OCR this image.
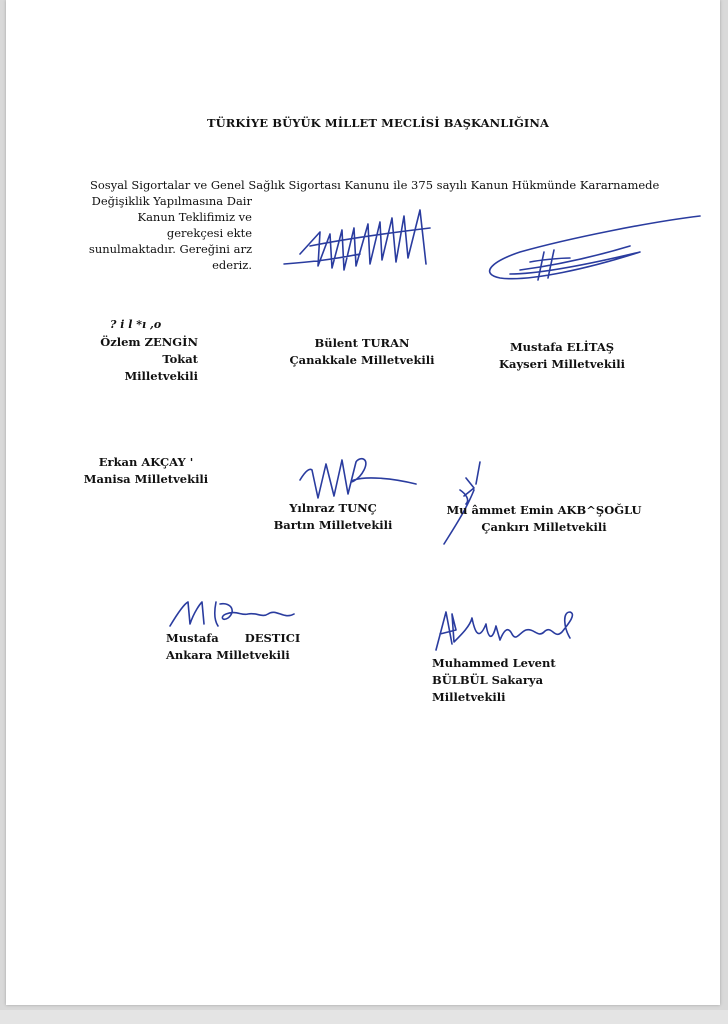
TÜRKİYE BÜYÜK MİLLET MECLİSİ BAŞKANLIĞINA
Sosyal Sigortalar ve Genel Sağlık Sigortası Kanunu ile 375 sayılı Kanun Hükmünde Kararnamede
Değişiklik Yapılmasına Dair Kanun Teklifimiz ve gerekçesi ekte sunulmaktadır. Gereğini arz ederiz.
? i l *ı ,o
Özlem ZENGİN
Tokat
Milletvekili
Bülent TURAN
Çanakkale Milletvekili
Mustafa ELİTAŞ
Kayseri Milletvekili
Erkan AKÇAY '
Manisa Milletvekili
Yılnraz TUNÇ
Bartın Milletvekili
Mu âmmet Emin AKB^ŞOĞLU
Çankırı Milletvekili
Mustafa DESTICI
Ankara Milletvekili
Muhammed Levent
BÜLBÜL Sakarya
Milletvekili
